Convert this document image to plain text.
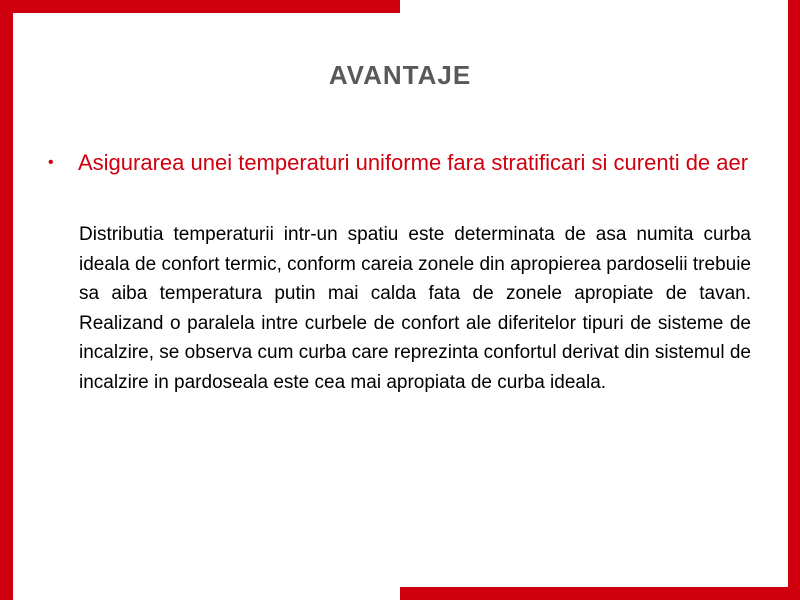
AVANTAJE
• Asigurarea unei temperaturi uniforme fara stratificari si curenti de aer
Distributia temperaturii intr-un spatiu este determinata de asa numita curba ideala de confort termic, conform careia zonele din apropierea pardoselii trebuie sa aiba temperatura putin mai calda fata de zonele apropiate de tavan. Realizand o paralela intre curbele de confort ale diferitelor tipuri de sisteme de incalzire, se observa cum curba care reprezinta confortul derivat din sistemul de incalzire in pardoseala este cea mai apropiata de curba ideala.
